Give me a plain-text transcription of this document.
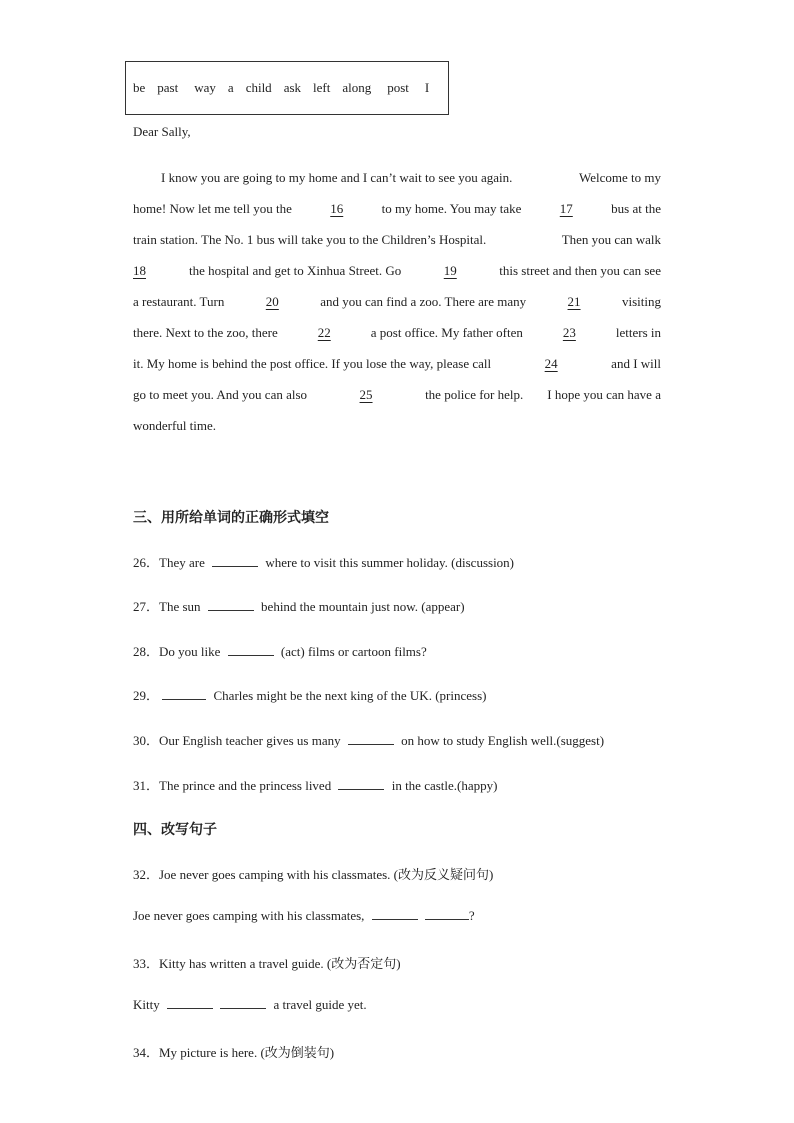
be past way a child ask left along post I
Dear Sally,
I know you are going to my home and I can’t wait to see you again.	Welcome to my
home! Now let me tell you the	16	to my home. You may take	17	bus at the
train station. The No. 1 bus will take you to the Children’s Hospital.	Then you can walk
18	the hospital and get to Xinhua Street. Go	19	this street and then you can see
a restaurant. Turn	20	and you can find a zoo. There are many	21	visiting
there. Next to the zoo, there	22	a post office. My father often	23	letters in
it. My home is behind the post office. If you lose the way, please call	24	and I will
go to meet you. And you can also	25	the police for help. I hope you can have a
wonderful time.
三、用所给单词的正确形式填空
26．They are	where to visit this summer holiday. (discussion)
27．The sun	behind the mountain just now. (appear)
28．Do you like	(act) films or cartoon films?
29．	Charles might be the next king of the UK. (princess)
30．Our English teacher gives us many	on how to study English well.(suggest)
31．The prince and the princess lived	in the castle.(happy)
四、改写句子
32．Joe never goes camping with his classmates. (改为反义疑问句)
Joe never goes camping with his classmates,	?
33．Kitty has written a travel guide. (改为否定句)
Kitty	a travel guide yet.
34．My picture is here. (改为倒装句)
